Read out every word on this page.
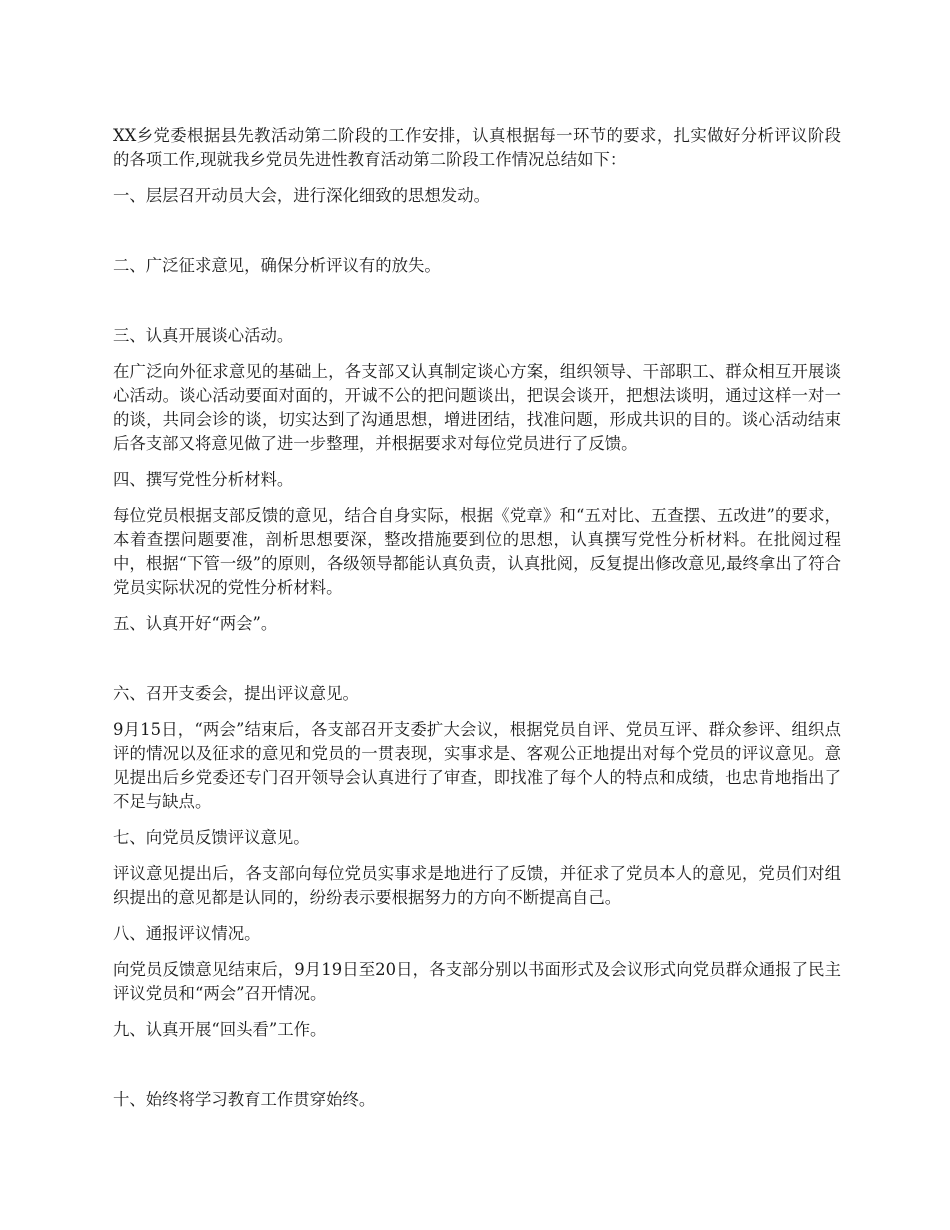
XX乡党委根据县先教活动第二阶段的工作安排，认真根据每一环节的要求，扎实做好分析评议阶段的各项工作,现就我乡党员先进性教育活动第二阶段工作情况总结如下：

一、层层召开动员大会，进行深化细致的思想发动。

二、广泛征求意见，确保分析评议有的放失。

三、认真开展谈心活动。

在广泛向外征求意见的基础上，各支部又认真制定谈心方案，组织领导、干部职工、群众相互开展谈心活动。谈心活动要面对面的，开诚不公的把问题谈出，把误会谈开，把想法谈明，通过这样一对一的谈，共同会诊的谈，切实达到了沟通思想，增进团结，找准问题，形成共识的目的。谈心活动结束后各支部又将意见做了进一步整理，并根据要求对每位党员进行了反馈。

四、撰写党性分析材料。

每位党员根据支部反馈的意见，结合自身实际，根据《党章》和“五对比、五查摆、五改进”的要求，本着查摆问题要准，剖析思想要深，整改措施要到位的思想，认真撰写党性分析材料。在批阅过程中，根据“下管一级”的原则，各级领导都能认真负责，认真批阅，反复提出修改意见,最终拿出了符合党员实际状况的党性分析材料。

五、认真开好“两会”。

六、召开支委会，提出评议意见。

9月15日，“两会”结束后，各支部召开支委扩大会议，根据党员自评、党员互评、群众参评、组织点评的情况以及征求的意见和党员的一贯表现，实事求是、客观公正地提出对每个党员的评议意见。意见提出后乡党委还专门召开领导会认真进行了审查，即找准了每个人的特点和成绩，也忠肯地指出了不足与缺点。

七、向党员反馈评议意见。

评议意见提出后，各支部向每位党员实事求是地进行了反馈，并征求了党员本人的意见，党员们对组织提出的意见都是认同的，纷纷表示要根据努力的方向不断提高自己。

八、通报评议情况。

向党员反馈意见结束后，9月19日至20日，各支部分别以书面形式及会议形式向党员群众通报了民主评议党员和“两会”召开情况。

九、认真开展“回头看”工作。

十、始终将学习教育工作贯穿始终。
